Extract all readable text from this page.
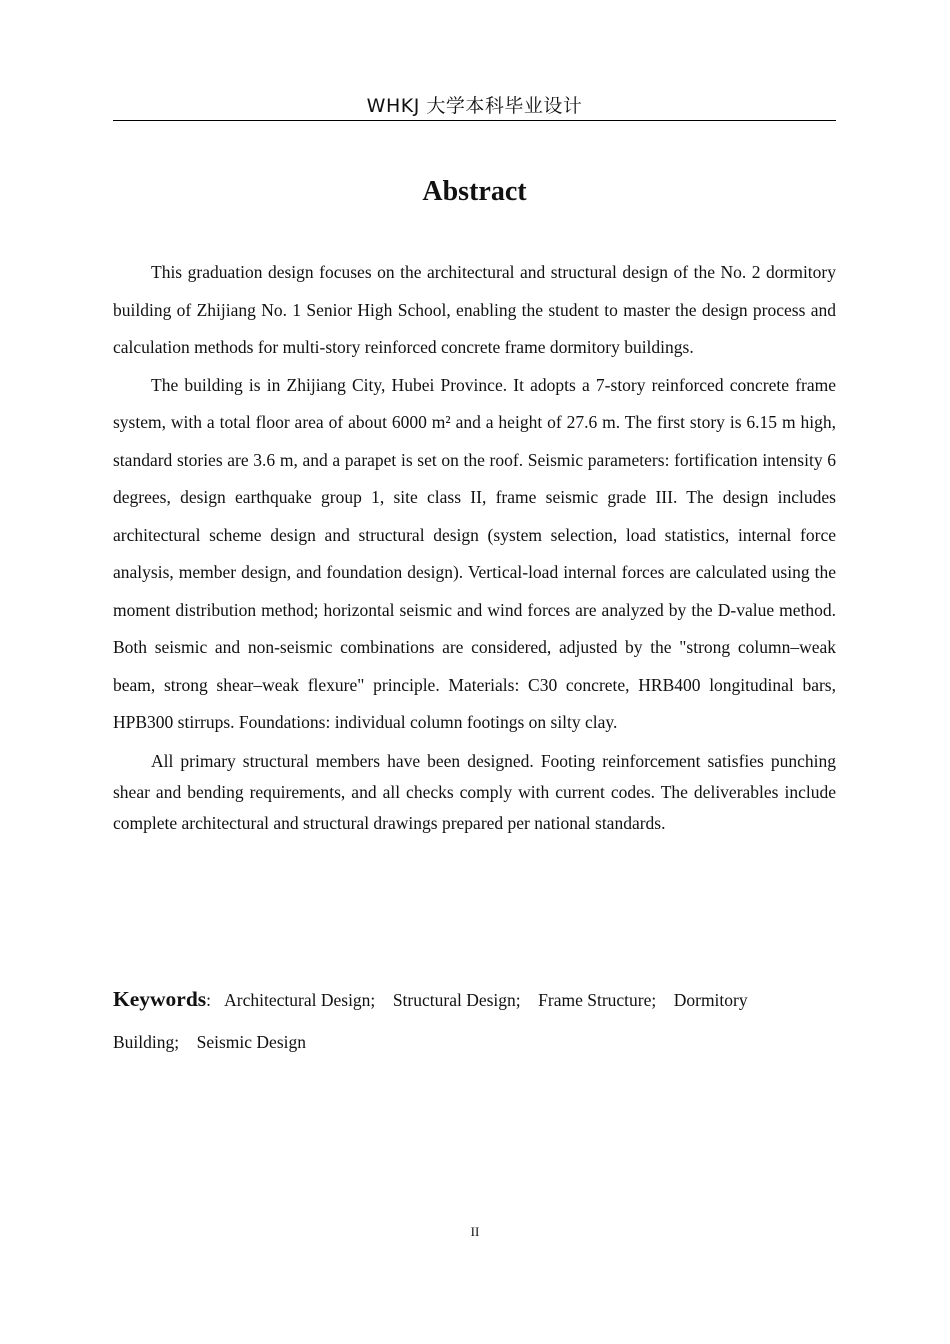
WHKJ 大学本科毕业设计
Abstract

This graduation design focuses on the architectural and structural design of the No. 2 dormitory building of Zhijiang No. 1 Senior High School, enabling the student to master the design process and calculation methods for multi-story reinforced concrete frame dormitory buildings.

The building is in Zhijiang City, Hubei Province. It adopts a 7-story reinforced concrete frame system, with a total floor area of about 6000 m² and a height of 27.6 m. The first story is 6.15 m high, standard stories are 3.6 m, and a parapet is set on the roof. Seismic parameters: fortification intensity 6 degrees, design earthquake group 1, site class II, frame seismic grade III. The design includes architectural scheme design and structural design (system selection, load statistics, internal force analysis, member design, and foundation design). Vertical-load internal forces are calculated using the moment distribution method; horizontal seismic and wind forces are analyzed by the D-value method. Both seismic and non-seismic combinations are considered, adjusted by the "strong column–weak beam, strong shear–weak flexure" principle. Materials: C30 concrete, HRB400 longitudinal bars, HPB300 stirrups. Foundations: individual column footings on silty clay.

All primary structural members have been designed. Footing reinforcement satisfies punching shear and bending requirements, and all checks comply with current codes. The deliverables include complete architectural and structural drawings prepared per national standards.

Keywords: Architectural Design; Structural Design; Frame Structure; Dormitory Building; Seismic Design

II
